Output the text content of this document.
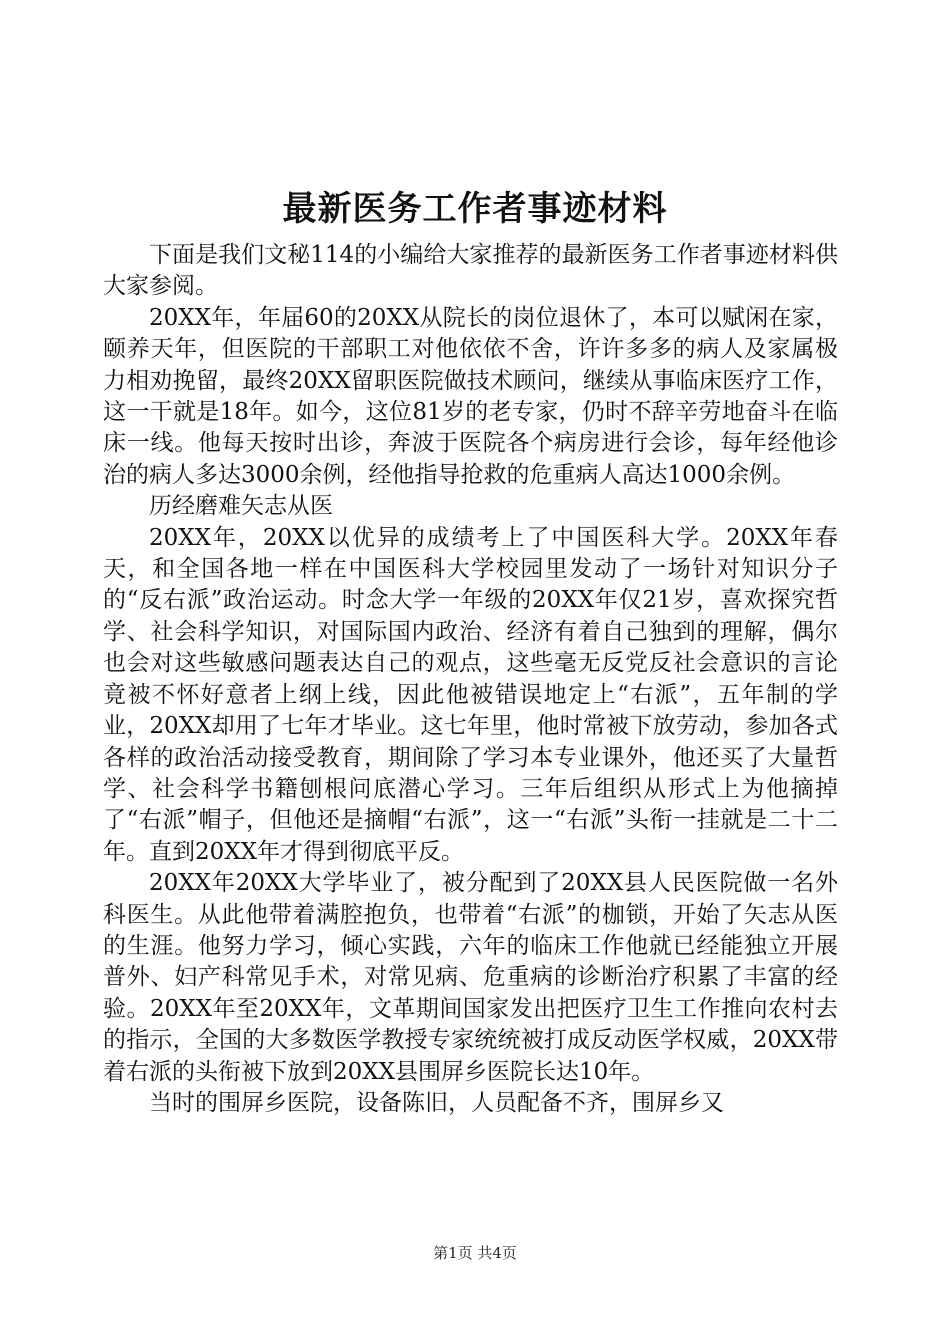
最新医务工作者事迹材料

下面是我们文秘114的小编给大家推荐的最新医务工作者事迹材料供大家参阅。

20XX年，年届60的20XX从院长的岗位退休了，本可以赋闲在家，颐养天年，但医院的干部职工对他依依不舍，许许多多的病人及家属极力相劝挽留，最终20XX留职医院做技术顾问，继续从事临床医疗工作，这一干就是18年。如今，这位81岁的老专家，仍时不辞辛劳地奋斗在临床一线。他每天按时出诊，奔波于医院各个病房进行会诊，每年经他诊治的病人多达3000余例，经他指导抢救的危重病人高达1000余例。

历经磨难矢志从医

20XX年，20XX以优异的成绩考上了中国医科大学。20XX年春天，和全国各地一样在中国医科大学校园里发动了一场针对知识分子的“反右派”政治运动。时念大学一年级的20XX年仅21岁，喜欢探究哲学、社会科学知识，对国际国内政治、经济有着自己独到的理解，偶尔也会对这些敏感问题表达自己的观点，这些毫无反党反社会意识的言论竟被不怀好意者上纲上线，因此他被错误地定上“右派”，五年制的学业，20XX却用了七年才毕业。这七年里，他时常被下放劳动，参加各式各样的政治活动接受教育，期间除了学习本专业课外，他还买了大量哲学、社会科学书籍刨根问底潜心学习。三年后组织从形式上为他摘掉了“右派”帽子，但他还是摘帽“右派”，这一“右派”头衔一挂就是二十二年。直到20XX年才得到彻底平反。

20XX年20XX大学毕业了，被分配到了20XX县人民医院做一名外科医生。从此他带着满腔抱负，也带着“右派”的枷锁，开始了矢志从医的生涯。他努力学习，倾心实践，六年的临床工作他就已经能独立开展普外、妇产科常见手术，对常见病、危重病的诊断治疗积累了丰富的经验。20XX年至20XX年，文革期间国家发出把医疗卫生工作推向农村去的指示，全国的大多数医学教授专家统统被打成反动医学权威，20XX带着右派的头衔被下放到20XX县围屏乡医院长达10年。

当时的围屏乡医院，设备陈旧，人员配备不齐，围屏乡又

第1页 共4页
